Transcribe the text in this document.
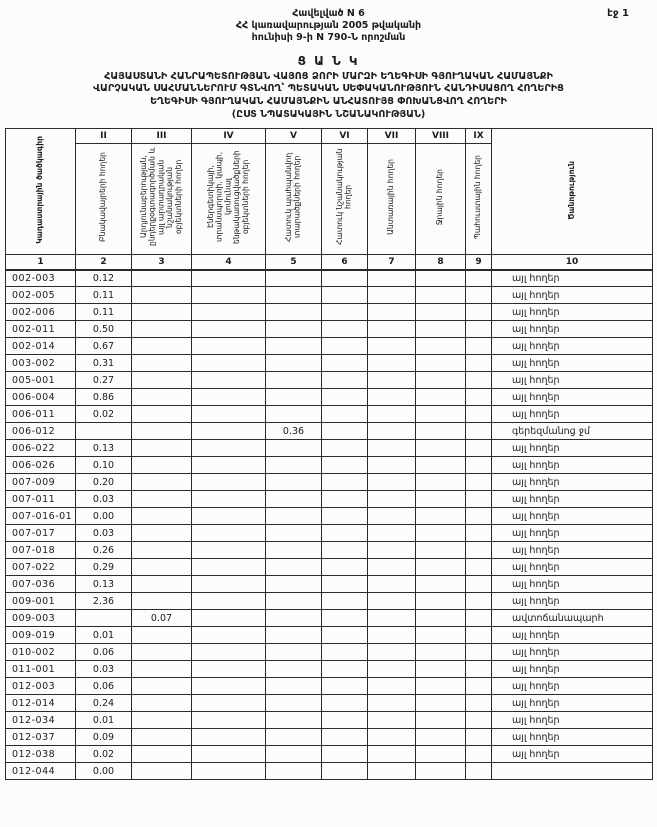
էջ 1
Հավելված N 6
ՀՀ կառավարության 2005 թվականի
հունիսի 9-ի N 790-Ն որոշման
Ց Ա Ն Կ
ՀԱՅԱՍՏԱՆԻ ՀԱՆՐԱՊԵՏՈՒԹՅԱՆ ՎԱՅՈՑ ՁՈՐԻ ՄԱՐԶԻ ԵՂԵԳԻՍԻ ԳՅՈՒՂԱԿԱՆ ՀԱՄԱՅՆՔԻ
ՎԱՐՉԱԿԱՆ ՍԱՀՄԱՆՆԵՐՈՒՄ ԳՏՆՎՈՂ՝ ՊԵՏԱԿԱՆ ՍԵՓԱԿԱՆՈՒԹՅՈՒՆ ՀԱՆԴԻՍԱՑՈՂ ՀՈՂԵՐԻՑ
ԵՂԵԳԻՍԻ ԳՅՈՒՂԱԿԱՆ ՀԱՄԱՅՆՔԻՆ ԱՆՀԱՏՈՒՅՑ ՓՈԽԱՆՑՎՈՂ ՀՈՂԵՐԻ
(ԸՍՏ ՆՊԱՏԱԿԱՅԻՆ ՆՇԱՆԱԿՈՒԹՅԱՆ)
Կադաստրային ծածկագիր	II	III	IV	V	VI	VII	VIII	IX	Ծանոթություն
	Բնակավայրերի հողեր	Արդյունաբերության, ընդերքօգտագործման և այլ արտադրական նշանակության օբյեկտների հողեր	Էներգետիկայի, տրանսպորտի, կապի, կոմունալ ենթակառուցվածքների օբյեկտների հողեր	Հատուկ պահպանվող տարածքների հողեր	Հատուկ նշանակության հողեր	Անտառային հողեր	Ջրային հողեր	Պահուստային հողեր	
1	2	3	4	5	6	7	8	9	10
002-003	0.12								այլ հողեր
002-005	0.11								այլ հողեր
002-006	0.11								այլ հողեր
002-011	0.50								այլ հողեր
002-014	0.67								այլ հողեր
003-002	0.31								այլ հողեր
005-001	0.27								այլ հողեր
006-004	0.86								այլ հողեր
006-011	0.02								այլ հողեր
006-012				0.36					գերեզմանոց ջմ
006-022	0.13								այլ հողեր
006-026	0.10								այլ հողեր
007-009	0.20								այլ հողեր
007-011	0.03								այլ հողեր
007-016-01	0.00								այլ հողեր
007-017	0.03								այլ հողեր
007-018	0.26								այլ հողեր
007-022	0.29								այլ հողեր
007-036	0.13								այլ հողեր
009-001	2.36								այլ հողեր
009-003		0.07							ավտոճանապարհ
009-019	0.01								այլ հողեր
010-002	0.06								այլ հողեր
011-001	0.03								այլ հողեր
012-003	0.06								այլ հողեր
012-014	0.24								այլ հողեր
012-034	0.01								այլ հողեր
012-037	0.09								այլ հողեր
012-038	0.02								այլ հողեր
012-044	0.00								
